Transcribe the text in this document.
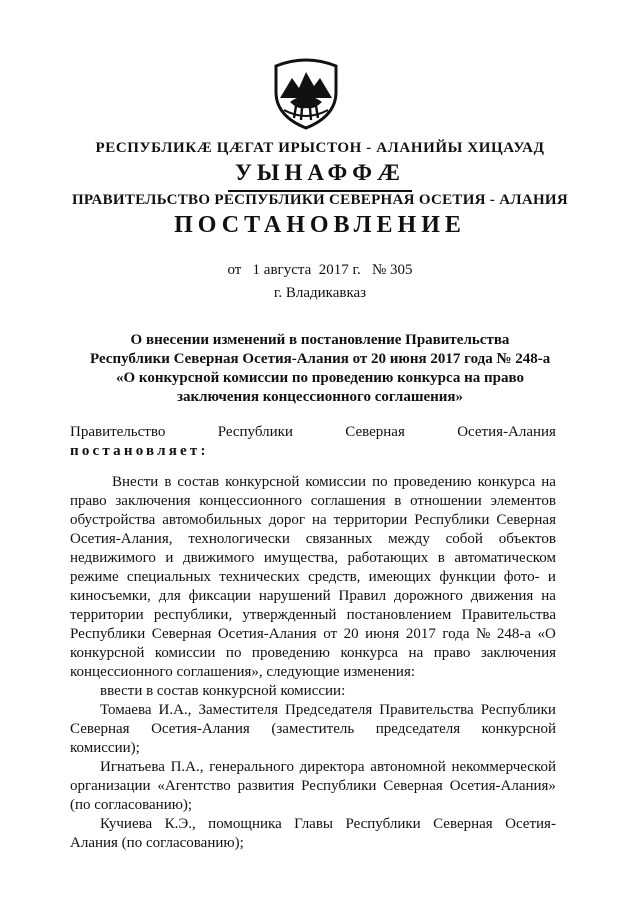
РЕСПУБЛИКӔ ЦӔГАТ ИРЫСТОН - АЛАНИЙЫ ХИЦАУАД
УЫНАФФӔ
ПРАВИТЕЛЬСТВО РЕСПУБЛИКИ СЕВЕРНАЯ ОСЕТИЯ - АЛАНИЯ
ПОСТАНОВЛЕНИЕ
от   1 августа  2017 г.   № 305
г. Владикавказ
О внесении изменений в постановление Правительства
Республики Северная Осетия-Алания от 20 июня 2017 года № 248-а
«О конкурсной комиссии по проведению конкурса на право
заключения концессионного соглашения»
Правительство	Республики	Северная	Осетия-Алания
постановляет:
Внести в состав конкурсной комиссии по проведению конкурса на
право заключения концессионного соглашения в отношении элементов
обустройства автомобильных дорог на территории Республики Северная
Осетия-Алания, технологически связанных между собой объектов
недвижимого и движимого имущества, работающих в автоматическом
режиме специальных технических средств, имеющих функции фото- и
киносъемки, для фиксации нарушений Правил дорожного движения на
территории республики, утвержденный постановлением Правительства
Республики Северная Осетия-Алания от 20 июня 2017 года № 248-а «О
конкурсной комиссии по проведению конкурса на право заключения
концессионного соглашения», следующие изменения:
ввести в состав конкурсной комиссии:
Томаева И.А., Заместителя Председателя Правительства Республики
Северная Осетия-Алания (заместитель председателя конкурсной
комиссии);
Игнатьева П.А., генерального директора автономной некоммерческой
организации «Агентство развития Республики Северная Осетия-Алания»
(по согласованию);
Кучиева К.Э., помощника Главы Республики Северная Осетия-
Алания (по согласованию);
